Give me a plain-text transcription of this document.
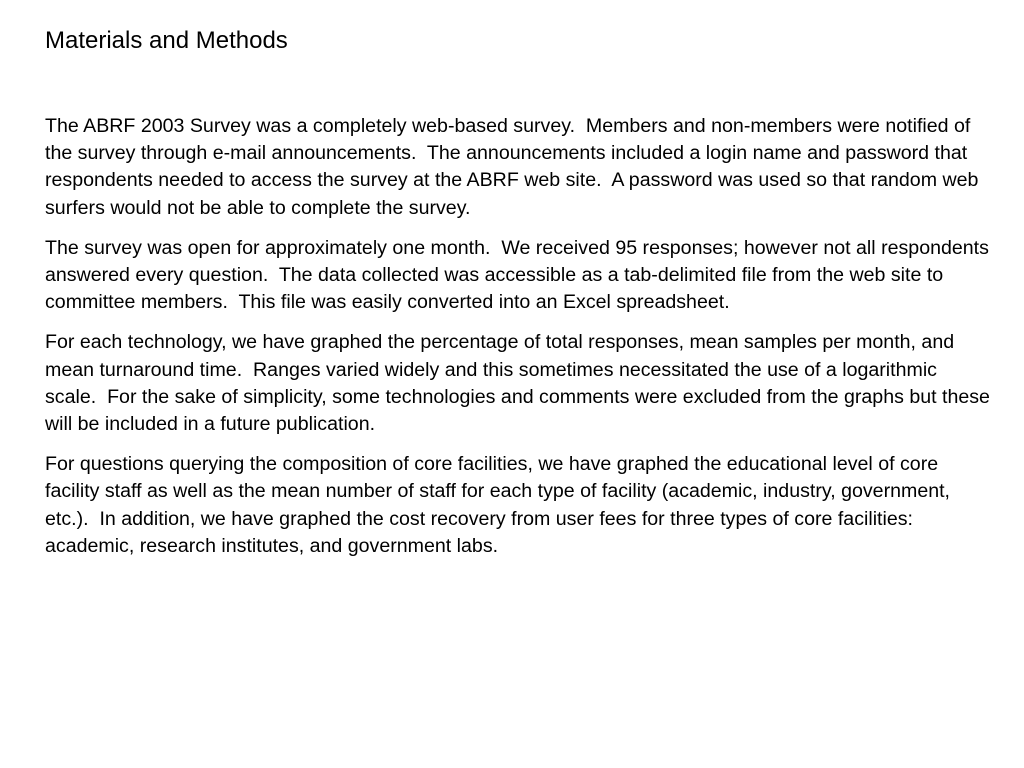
Materials and Methods

The ABRF 2003 Survey was a completely web-based survey.  Members and non-members were notified of the survey through e-mail announcements.  The announcements included a login name and password that respondents needed to access the survey at the ABRF web site.  A password was used so that random web surfers would not be able to complete the survey.

The survey was open for approximately one month.  We received 95 responses; however not all respondents answered every question.  The data collected was accessible as a tab-delimited file from the web site to committee members.  This file was easily converted into an Excel spreadsheet.

For each technology, we have graphed the percentage of total responses, mean samples per month, and mean turnaround time.  Ranges varied widely and this sometimes necessitated the use of a logarithmic scale.  For the sake of simplicity, some technologies and comments were excluded from the graphs but these will be included in a future publication.

For questions querying the composition of core facilities, we have graphed the educational level of core facility staff as well as the mean number of staff for each type of facility (academic, industry, government, etc.).  In addition, we have graphed the cost recovery from user fees for three types of core facilities: academic, research institutes, and government labs.
